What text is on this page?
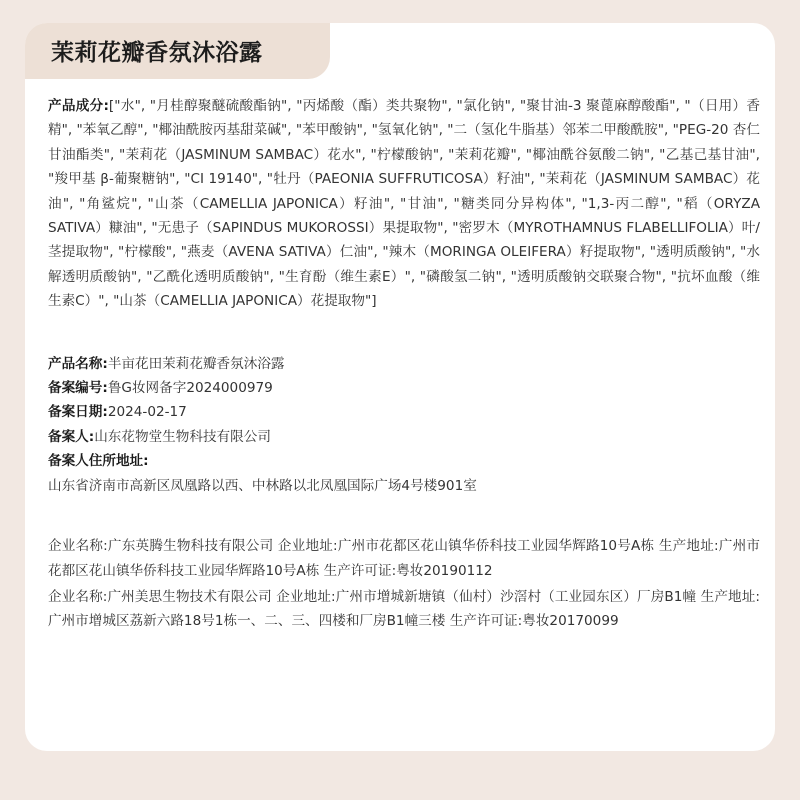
茉莉花瓣香氛沐浴露

产品成分:["水", "月桂醇聚醚硫酸酯钠", "丙烯酸（酯）类共聚物", "氯化钠", "聚甘油-3 聚蓖麻醇酸酯", "（日用）香精", "苯氧乙醇", "椰油酰胺丙基甜菜碱", "苯甲酸钠", "氢氧化钠", "二（氢化牛脂基）邻苯二甲酸酰胺", "PEG-20 杏仁甘油酯类", "茉莉花（JASMINUM SAMBAC）花水", "柠檬酸钠", "茉莉花瓣", "椰油酰谷氨酸二钠", "乙基己基甘油", "羧甲基 β-葡聚糖钠", "CI 19140", "牡丹（PAEONIA SUFFRUTICOSA）籽油", "茉莉花（JASMINUM SAMBAC）花油", "角鲨烷", "山茶（CAMELLIA JAPONICA）籽油", "甘油", "糖类同分异构体", "1,3-丙二醇", "稻（ORYZA SATIVA）糠油", "无患子（SAPINDUS MUKOROSSI）果提取物", "密罗木（MYROTHAMNUS FLABELLIFOLIA）叶/茎提取物", "柠檬酸", "燕麦（AVENA SATIVA）仁油", "辣木（MORINGA OLEIFERA）籽提取物", "透明质酸钠", "水解透明质酸钠", "乙酰化透明质酸钠", "生育酚（维生素E）", "磷酸氢二钠", "透明质酸钠交联聚合物", "抗坏血酸（维生素C）", "山茶（CAMELLIA JAPONICA）花提取物"]

产品名称:半亩花田茉莉花瓣香氛沐浴露

备案编号:鲁G妆网备字2024000979

备案日期:2024-02-17

备案人:山东花物堂生物科技有限公司

备案人住所地址:

山东省济南市高新区凤凰路以西、中林路以北凤凰国际广场4号楼901室

企业名称:广东英腾生物科技有限公司 企业地址:广州市花都区花山镇华侨科技工业园华辉路10号A栋 生产地址:广州市花都区花山镇华侨科技工业园华辉路10号A栋 生产许可证:粤妆20190112

企业名称:广州美思生物技术有限公司 企业地址:广州市增城新塘镇（仙村）沙滘村（工业园东区）厂房B1幢 生产地址:广州市增城区荔新六路18号1栋一、二、三、四楼和厂房B1幢三楼 生产许可证:粤妆20170099
